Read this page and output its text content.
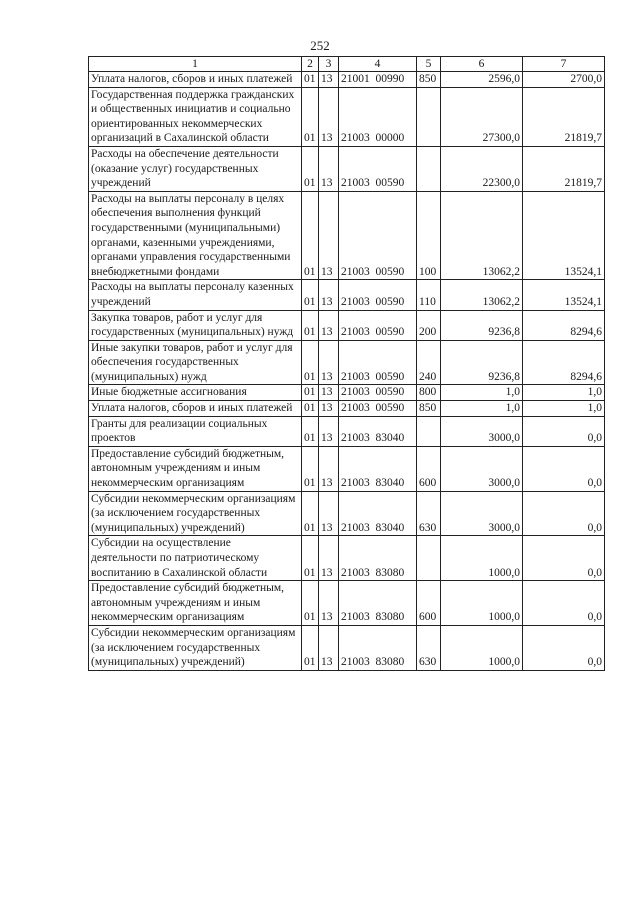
252
1	2	3	4	5	6	7
Уплата налогов, сборов и иных платежей	01	13	21001  00990	850	2596,0	2700,0
Государственная поддержка гражданских и общественных инициатив и социально ориентированных некоммерческих организаций в Сахалинской области	01	13	21003  00000		27300,0	21819,7
Расходы на обеспечение деятельности (оказание услуг) государственных учреждений	01	13	21003  00590		22300,0	21819,7
Расходы на выплаты персоналу в целях обеспечения выполнения функций государственными (муниципальными) органами, казенными учреждениями, органами управления государственными внебюджетными фондами	01	13	21003  00590	100	13062,2	13524,1
Расходы на выплаты персоналу казенных учреждений	01	13	21003  00590	110	13062,2	13524,1
Закупка товаров, работ и услуг для государственных (муниципальных) нужд	01	13	21003  00590	200	9236,8	8294,6
Иные закупки товаров, работ и услуг для обеспечения государственных (муниципальных) нужд	01	13	21003  00590	240	9236,8	8294,6
Иные бюджетные ассигнования	01	13	21003  00590	800	1,0	1,0
Уплата налогов, сборов и иных платежей	01	13	21003  00590	850	1,0	1,0
Гранты для реализации социальных проектов	01	13	21003  83040		3000,0	0,0
Предоставление субсидий бюджетным, автономным учреждениям и иным некоммерческим организациям	01	13	21003  83040	600	3000,0	0,0
Субсидии некоммерческим организациям (за исключением государственных (муниципальных) учреждений)	01	13	21003  83040	630	3000,0	0,0
Субсидии на осуществление деятельности по патриотическому воспитанию в Сахалинской области	01	13	21003  83080		1000,0	0,0
Предоставление субсидий бюджетным, автономным учреждениям и иным некоммерческим организациям	01	13	21003  83080	600	1000,0	0,0
Субсидии некоммерческим организациям (за исключением государственных (муниципальных) учреждений)	01	13	21003  83080	630	1000,0	0,0
